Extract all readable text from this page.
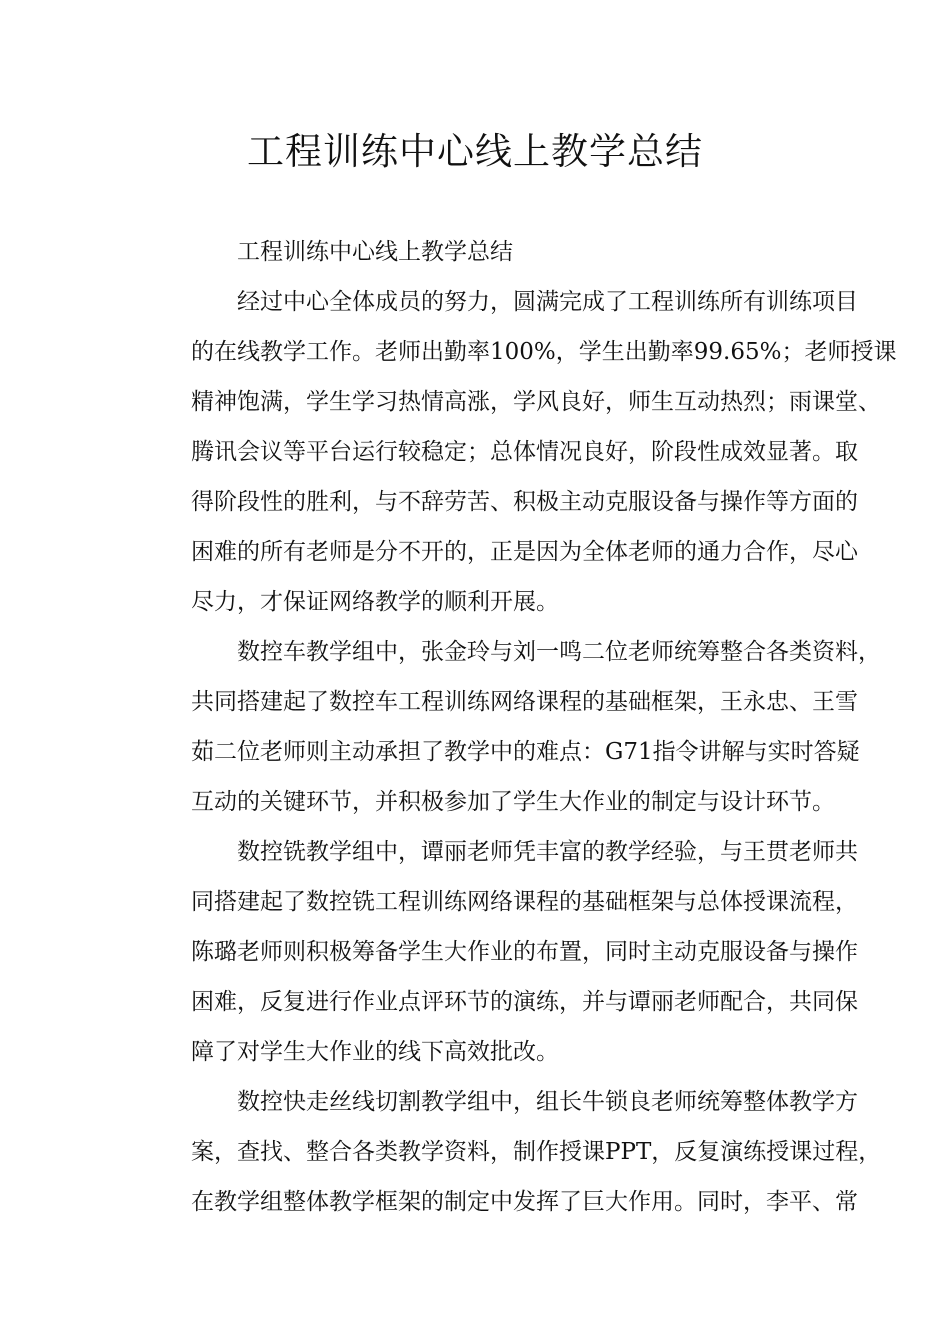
工程训练中心线上教学总结
工程训练中心线上教学总结
经过中心全体成员的努力，圆满完成了工程训练所有训练项目
的在线教学工作。老师出勤率100%，学生出勤率99.65%；老师授课
精神饱满，学生学习热情高涨，学风良好，师生互动热烈；雨课堂、
腾讯会议等平台运行较稳定；总体情况良好，阶段性成效显著。取
得阶段性的胜利，与不辞劳苦、积极主动克服设备与操作等方面的
困难的所有老师是分不开的，正是因为全体老师的通力合作，尽心
尽力，才保证网络教学的顺利开展。
数控车教学组中，张金玲与刘一鸣二位老师统筹整合各类资料，
共同搭建起了数控车工程训练网络课程的基础框架，王永忠、王雪
茹二位老师则主动承担了教学中的难点：G71指令讲解与实时答疑
互动的关键环节，并积极参加了学生大作业的制定与设计环节。
数控铣教学组中，谭丽老师凭丰富的教学经验，与王贯老师共
同搭建起了数控铣工程训练网络课程的基础框架与总体授课流程，
陈璐老师则积极筹备学生大作业的布置，同时主动克服设备与操作
困难，反复进行作业点评环节的演练，并与谭丽老师配合，共同保
障了对学生大作业的线下高效批改。
数控快走丝线切割教学组中，组长牛锁良老师统筹整体教学方
案，查找、整合各类教学资料，制作授课PPT，反复演练授课过程，
在教学组整体教学框架的制定中发挥了巨大作用。同时，李平、常
